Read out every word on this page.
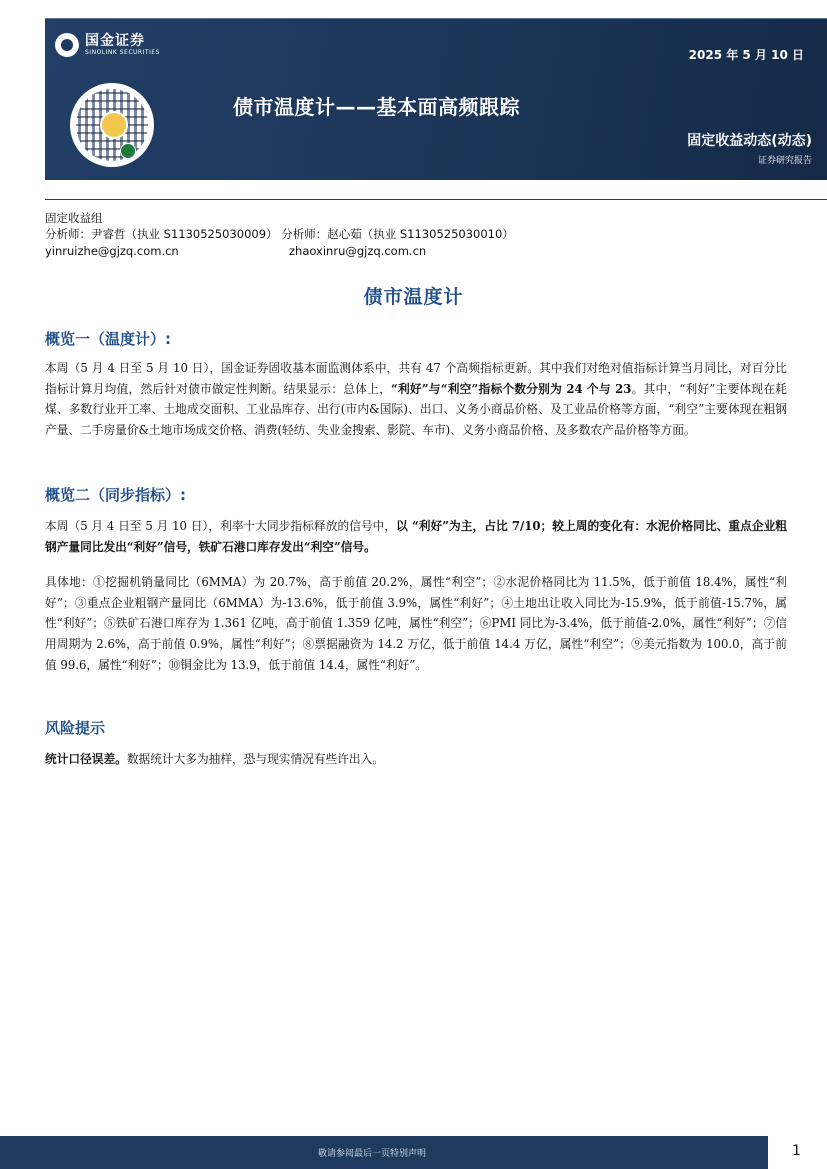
国金证券
SINOLINK SECURITIES
债市温度计——基本面高频跟踪
2025 年 5 月 10 日
固定收益动态(动态)
证券研究报告
固定收益组
分析师：尹睿哲（执业 S1130525030009） 分析师：赵心茹（执业 S1130525030010）
yinruizhe@gjzq.com.cn	zhaoxinru@gjzq.com.cn
债市温度计
概览一（温度计）:
本周（5 月 4 日至 5 月 10 日），国金证券固收基本面监测体系中，共有 47 个高频指标更新。其中我们对绝对值指标计算当月同比，对百分比指标计算月均值，然后针对债市做定性判断。结果显示：总体上，“利好”与“利空”指标个数分别为 24 个与 23。其中，“利好”主要体现在耗煤、多数行业开工率、土地成交面积、工业品库存、出行(市内&国际)、出口、义务小商品价格、及工业品价格等方面，“利空”主要体现在粗钢产量、二手房量价&土地市场成交价格、消费(轻纺、失业金搜索、影院、车市)、义务小商品价格、及多数农产品价格等方面。
概览二（同步指标）:
本周（5 月 4 日至 5 月 10 日），利率十大同步指标释放的信号中，以 “利好”为主，占比 7/10；较上周的变化有：水泥价格同比、重点企业粗钢产量同比发出“利好”信号，铁矿石港口库存发出“利空”信号。
具体地：①挖掘机销量同比（6MMA）为 20.7%，高于前值 20.2%，属性“利空”；②水泥价格同比为 11.5%，低于前值 18.4%，属性“利好”；③重点企业粗钢产量同比（6MMA）为-13.6%，低于前值 3.9%，属性“利好”；④土地出让收入同比为-15.9%，低于前值-15.7%，属性“利好”；⑤铁矿石港口库存为 1.361 亿吨，高于前值 1.359 亿吨，属性“利空”；⑥PMI 同比为-3.4%，低于前值-2.0%，属性“利好”；⑦信用周期为 2.6%，高于前值 0.9%，属性“利好”；⑧票据融资为 14.2 万亿，低于前值 14.4 万亿，属性“利空”；⑨美元指数为 100.0，高于前值 99.6，属性“利好”；⑩铜金比为 13.9，低于前值 14.4，属性“利好”。
风险提示
统计口径误差。数据统计大多为抽样，恐与现实情况有些许出入。
敬请参阅最后一页特别声明	1
